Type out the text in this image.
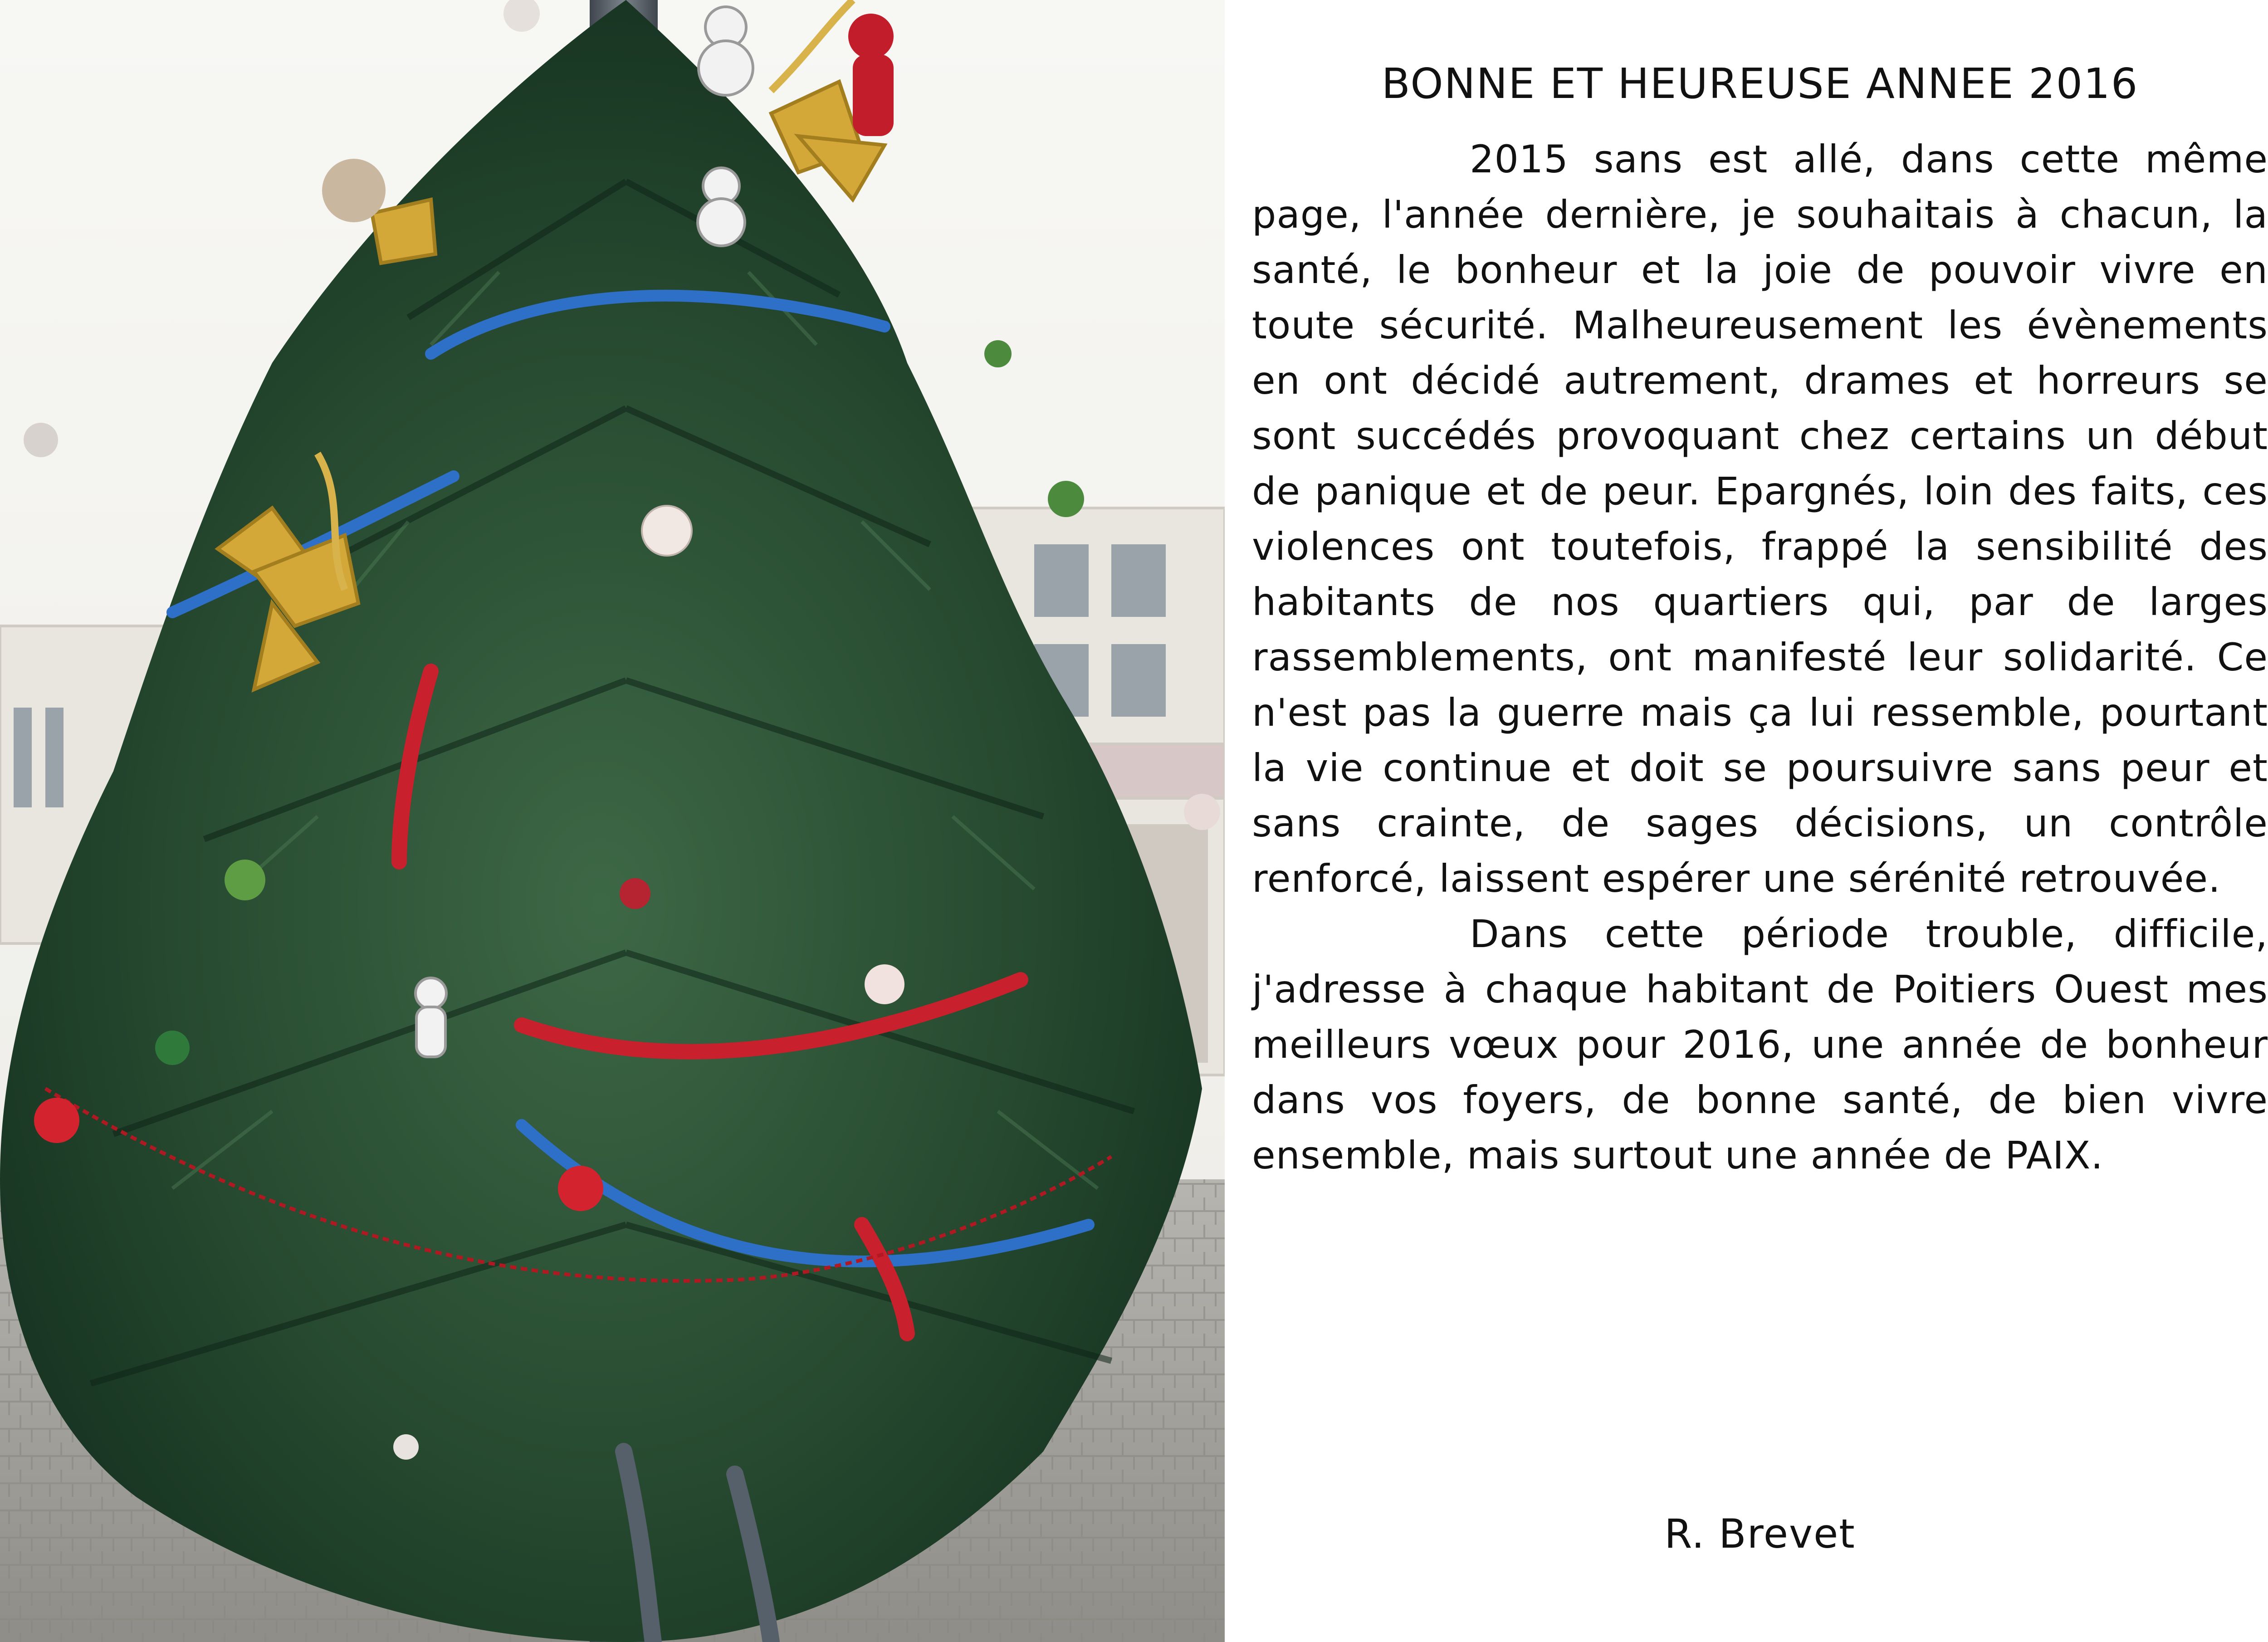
BONNE ET HEUREUSE ANNEE 2016

2015 sans est allé, dans cette même page, l'année dernière, je souhaitais à chacun, la santé, le bonheur et la joie de pouvoir vivre en toute sécurité. Malheureusement les évènements en ont décidé autrement, drames et horreurs se sont succédés provoquant chez certains un début de panique et de peur. Epargnés, loin des faits, ces violences ont toutefois, frappé la sensibilité des habitants de nos quartiers qui, par de larges rassemblements, ont manifesté leur solidarité. Ce n'est pas la guerre mais ça lui ressemble, pourtant la vie continue et doit se poursuivre sans peur et sans crainte, de sages décisions, un contrôle renforcé, laissent espérer une sérénité retrouvée.

Dans cette période trouble, difficile, j'adresse à chaque habitant de Poitiers Ouest mes meilleurs vœux pour 2016, une année de bonheur dans vos foyers, de bonne santé, de bien vivre ensemble, mais surtout une année de PAIX.

R. Brevet
